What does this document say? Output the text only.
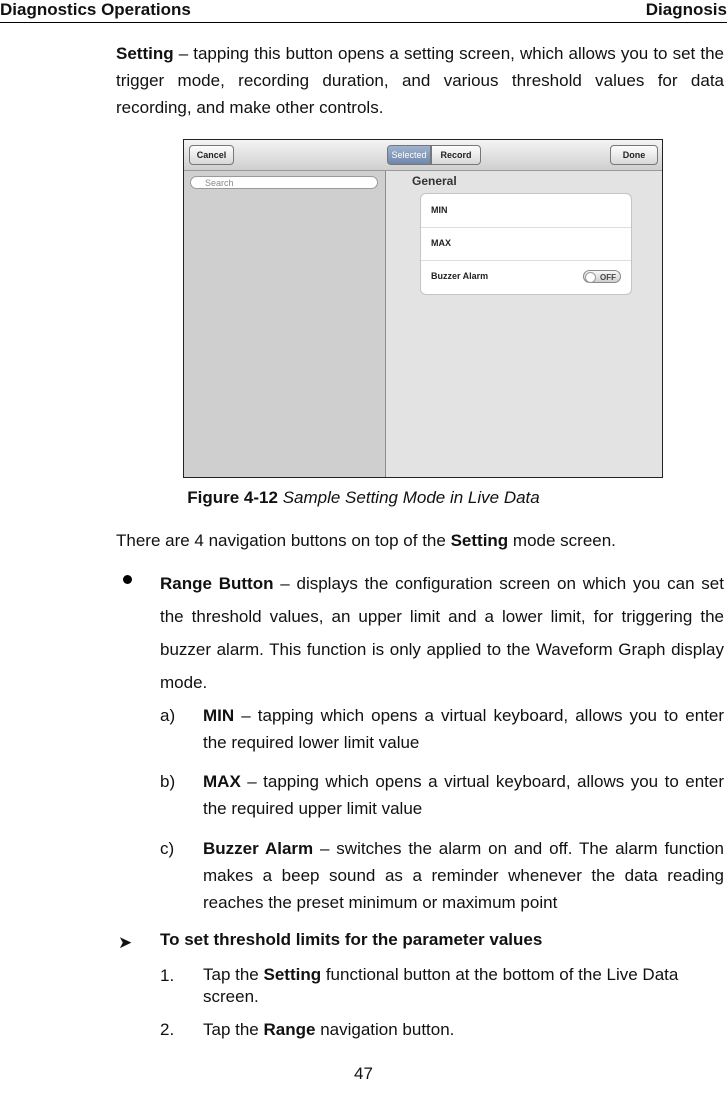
Diagnostics Operations	Diagnosis
Setting – tapping this button opens a setting screen, which allows you to set the trigger mode, recording duration, and various threshold values for data recording, and make other controls.
Cancel	Selected	Record	Done
Search	General
MIN
MAX
Buzzer Alarm	OFF
Figure 4-12 Sample Setting Mode in Live Data
There are 4 navigation buttons on top of the Setting mode screen.
Range Button – displays the configuration screen on which you can set the threshold values, an upper limit and a lower limit, for triggering the buzzer alarm. This function is only applied to the Waveform Graph display mode.
a) MIN – tapping which opens a virtual keyboard, allows you to enter the required lower limit value
b) MAX – tapping which opens a virtual keyboard, allows you to enter the required upper limit value
c) Buzzer Alarm – switches the alarm on and off. The alarm function makes a beep sound as a reminder whenever the data reading reaches the preset minimum or maximum point
➤ To set threshold limits for the parameter values
1. Tap the Setting functional button at the bottom of the Live Data screen.
2. Tap the Range navigation button.
47
